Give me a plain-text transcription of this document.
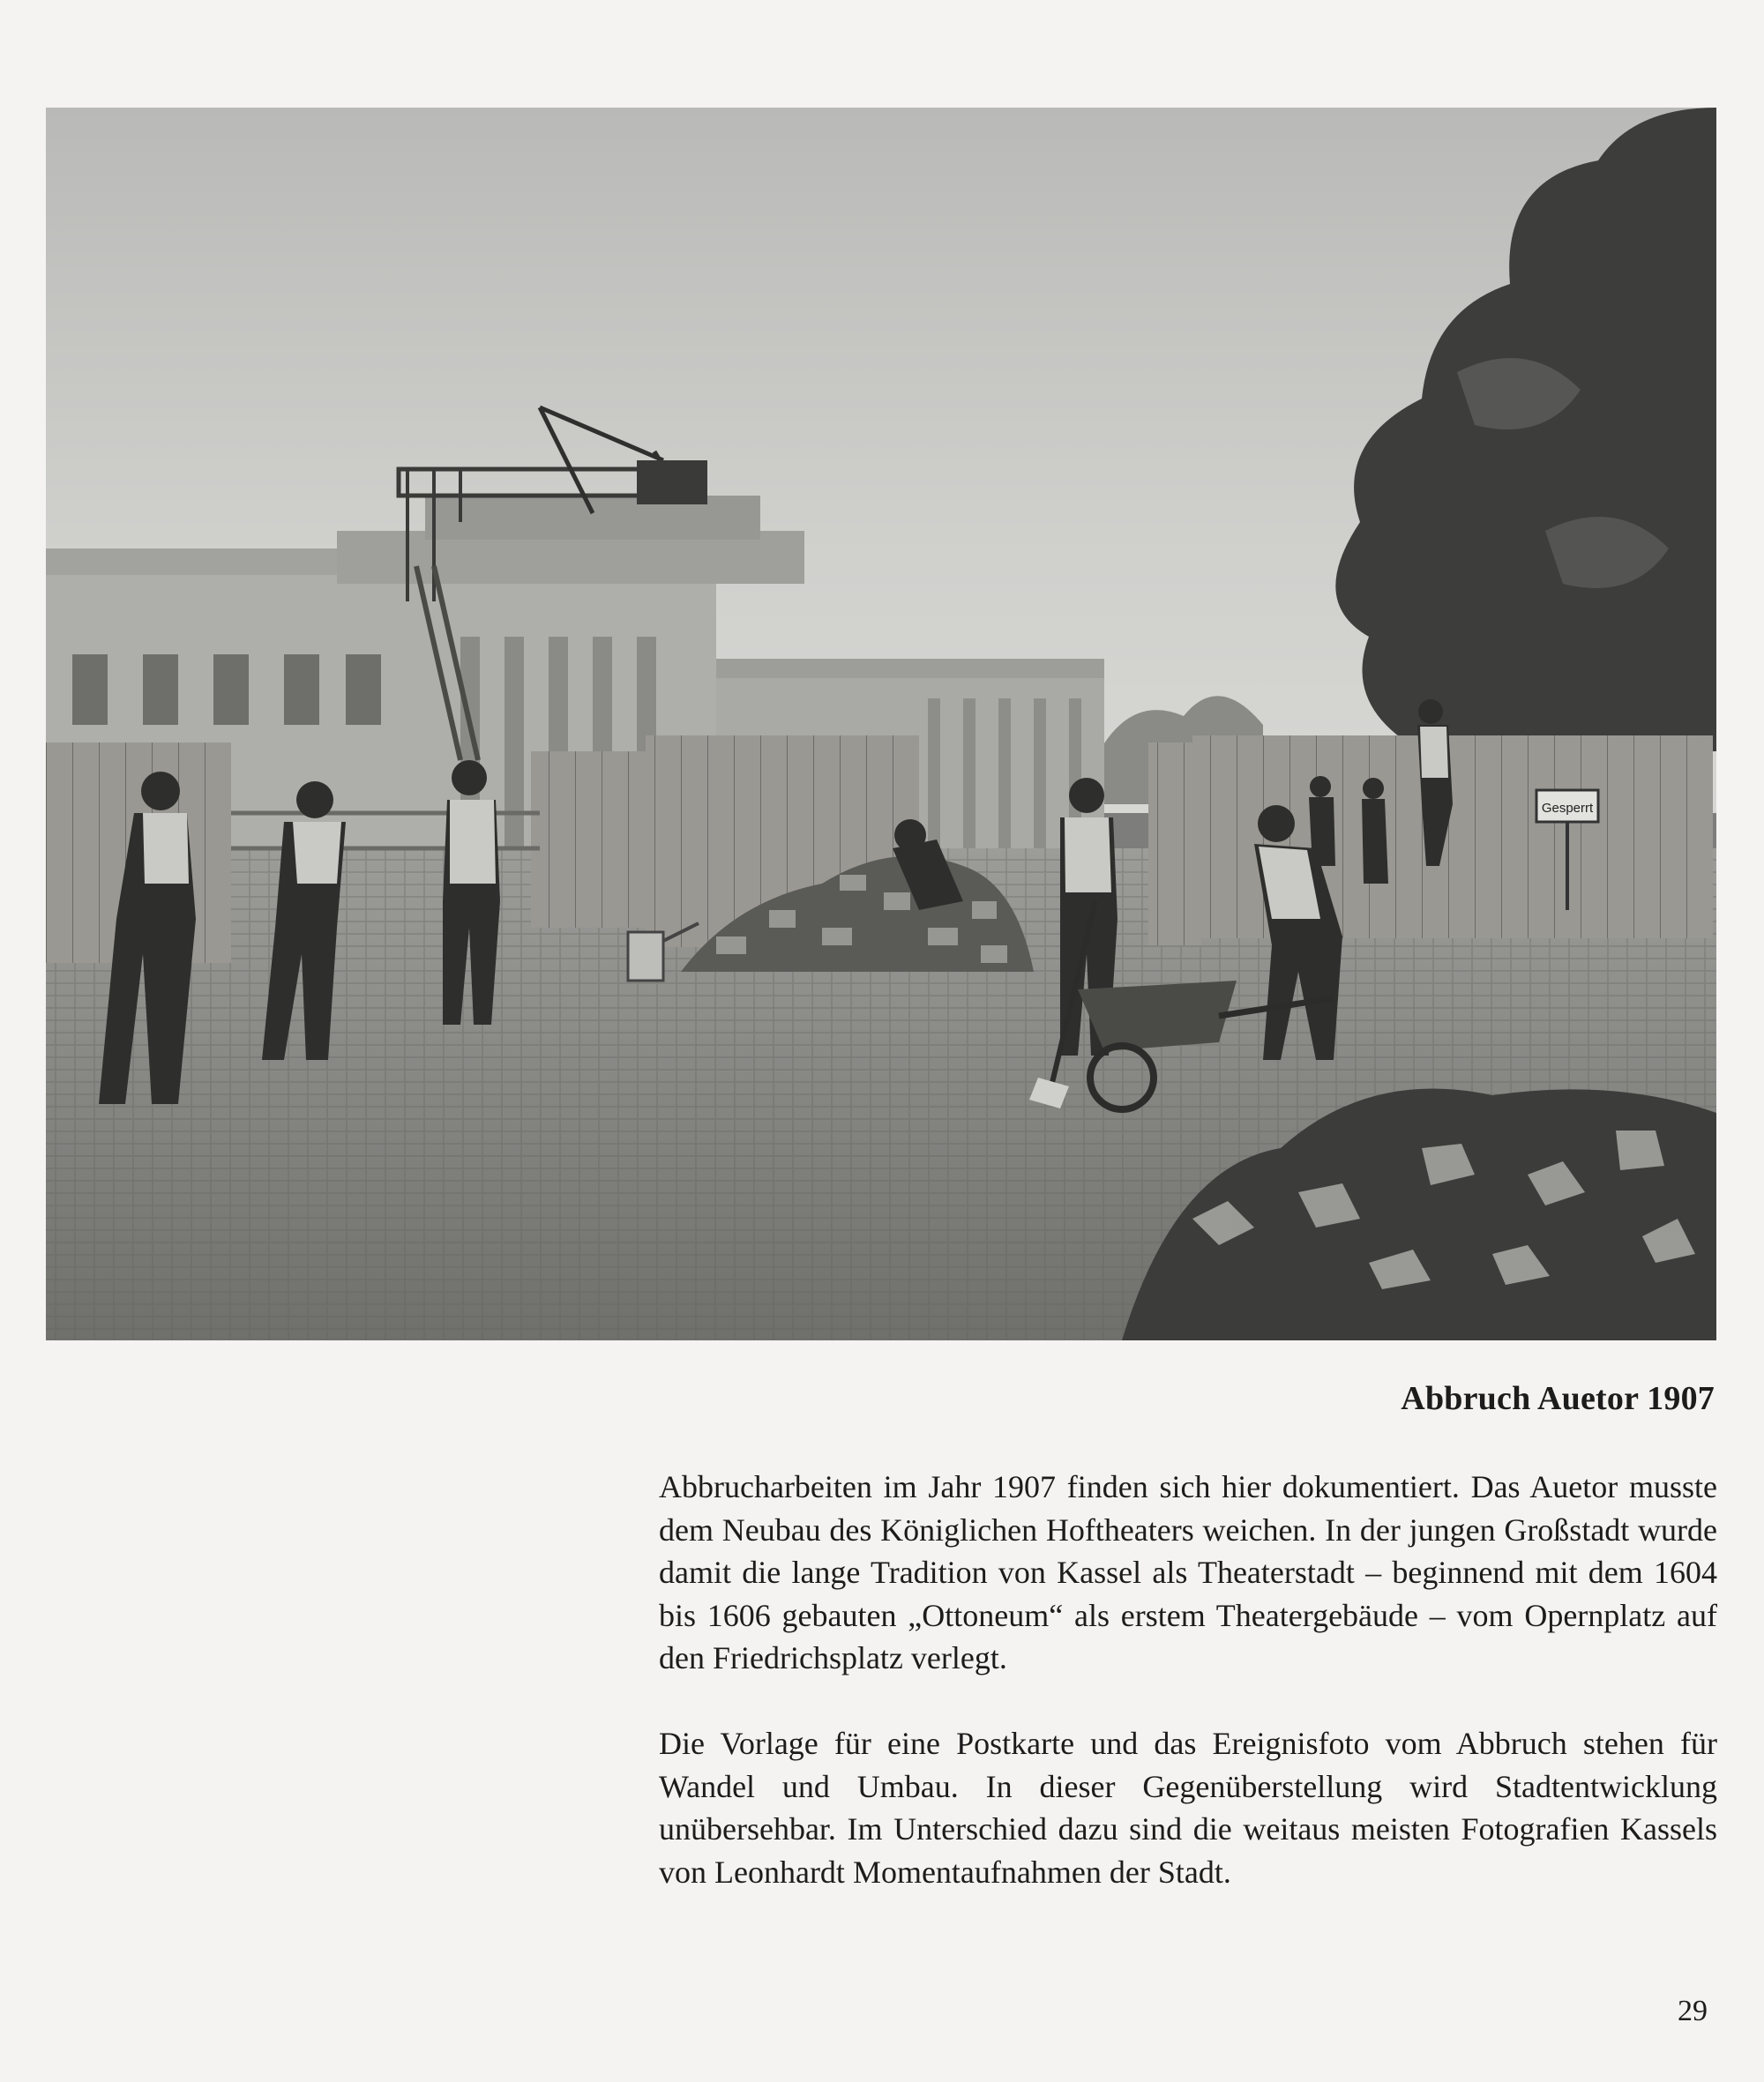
Gesperrt
Abbruch Auetor 1907

Abbrucharbeiten im Jahr 1907 finden sich hier dokumentiert. Das Auetor musste dem Neubau des Königlichen Hoftheaters weichen. In der jungen Großstadt wurde damit die lange Tradition von Kassel als Theaterstadt – beginnend mit dem 1604 bis 1606 gebauten „Ottoneum“ als erstem Theatergebäude – vom Opernplatz auf den Friedrichsplatz verlegt.

Die Vorlage für eine Postkarte und das Ereignisfoto vom Abbruch stehen für Wandel und Umbau. In dieser Gegenüberstellung wird Stadtentwicklung unübersehbar. Im Unterschied dazu sind die weitaus meisten Fotografien Kassels von Leonhardt Momentaufnahmen der Stadt.

29
